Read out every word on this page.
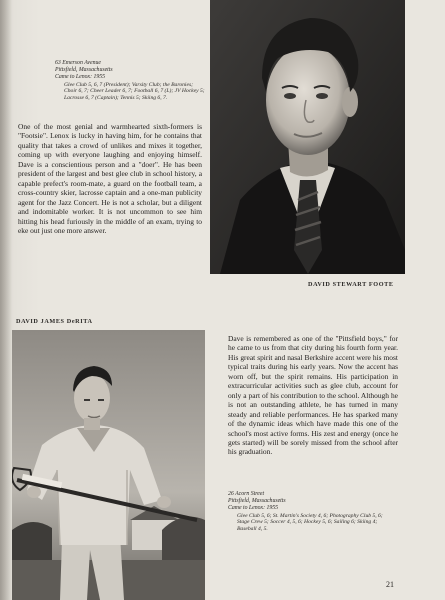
63 Emerson Avenue
Pittsfield, Massachusetts
Came to Lenox: 1955
Glee Club 5, 6, 7 (President); Varsity Club; the Baronies; Choir 6, 7; Cheer Leader 6, 7; Football 6, 7 (L); JV Hockey 5; Lacrosse 6, 7 (Captain); Tennis 5; Skiing 6, 7.

One of the most genial and warmhearted sixth-formers is "Footsie". Lenox is lucky in having him, for he contains that quality that takes a crowd of unlikes and mixes it together, coming up with everyone laughing and enjoying himself. Dave is a conscientious person and a "doer". He has been president of the largest and best glee club in school history, a capable prefect's room-mate, a guard on the football team, a cross-country skier, lacrosse captain and a one-man publicity agent for the Jazz Concert. He is not a scholar, but a diligent and indomitable worker. It is not uncommon to see him hitting his head furiously in the middle of an exam, trying to eke out just one more answer.

DAVID STEWART FOOTE

DAVID JAMES DeRITA

Dave is remembered as one of the "Pittsfield boys," for he came to us from that city during his fourth form year. His great spirit and nasal Berkshire accent were his most typical traits during his early years. Now the accent has worn off, but the spirit remains. His participation in extracurricular activities such as glee club, account for only a part of his contribution to the school. Although he is not an outstanding athlete, he has turned in many steady and reliable performances. He has sparked many of the dynamic ideas which have made this one of the school's most active forms. His zest and energy (once he gets started) will be sorely missed from the school after his graduation.

26 Acorn Street
Pittsfield, Massachusetts
Came to Lenox: 1955
Glee Club 5, 6; St. Martin's Society 4, 6; Photography Club 5, 6; Stage Crew 5; Soccer 4, 5, 6; Hockey 5, 6; Sailing 6; Skiing 4; Baseball 4, 5.

21
